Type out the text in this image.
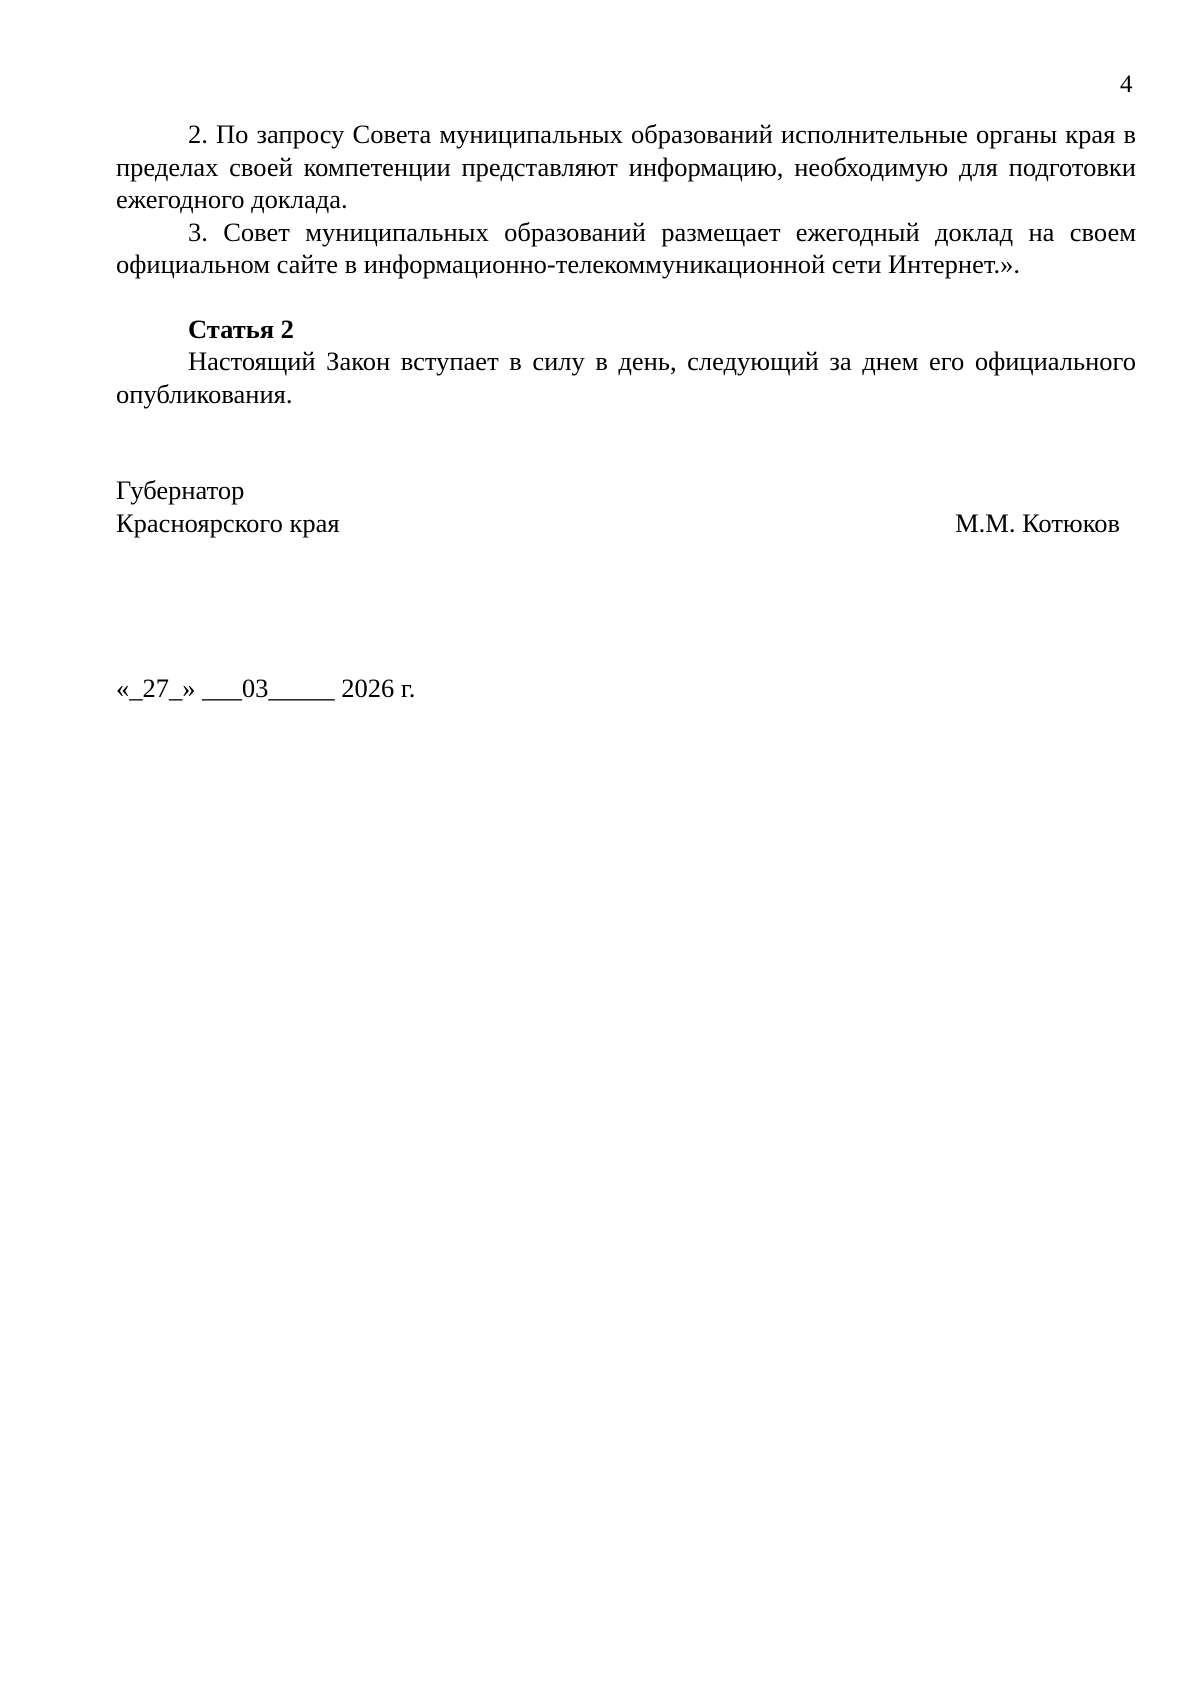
4

2. По запросу Совета муниципальных образований исполнительные органы края в пределах своей компетенции представляют информацию, необходимую для подготовки ежегодного доклада.

3. Совет муниципальных образований размещает ежегодный доклад на своем официальном сайте в информационно-телекоммуникационной сети Интернет.».

Статья 2

Настоящий Закон вступает в силу в день, следующий за днем его официального опубликования.

Губернатор

Красноярского края	М.М. Котюков

«_27_» ___03_____ 2026 г.
